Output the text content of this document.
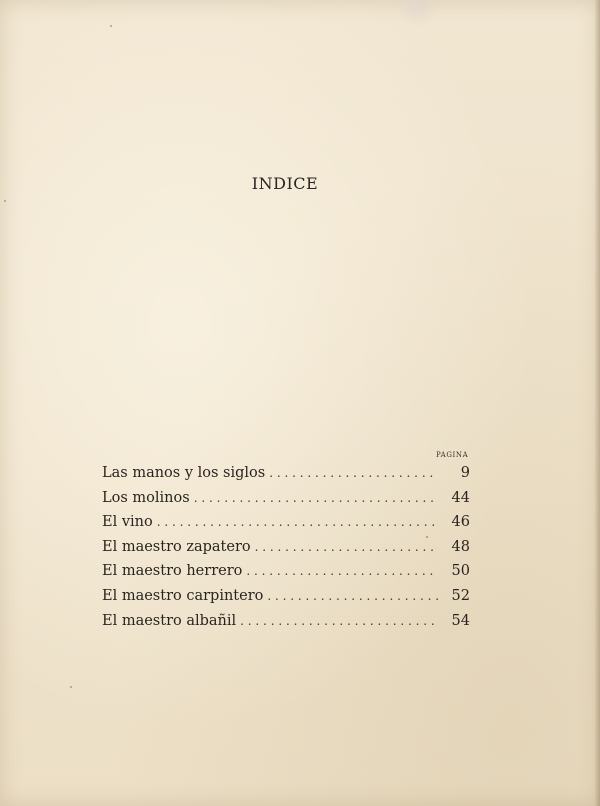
INDICE
PAGINA
Las manos y los siglos . . .	9
Los molinos . . .	44
El vino . . .	46
El maestro zapatero . . .	48
El maestro herrero . . .	50
El maestro carpintero . . .	52
El maestro albañil . . .	54
